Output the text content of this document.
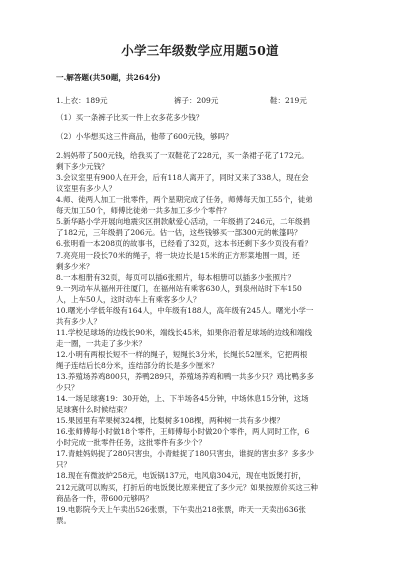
小学三年级数学应用题50道
一.解答题(共50题，共264分)
1.上衣：189元	裤子：209元	鞋：219元
（1）买一条裤子比买一件上衣多花多少钱？
（2）小华想买这三件商品，他带了600元钱，够吗？
2.妈妈带了500元钱，给我买了一双鞋花了228元，买一条裙子花了172元。
剩下多少元钱？
3.会议室里有900人在开会，后有118人离开了，同时又来了338人，现在会
议室里有多少人？
4.师、徒两人加工一批零件，两个星期完成了任务，师傅每天加工55个，徒弟
每天加工50个，师傅比徒弟一共多加工多少个零件？
5.新华路小学开展向地震灾区捐款献爱心活动，一年级捐了246元，二年级捐
了182元，三年级捐了206元。估一估，这些钱够买一部300元的帐篷吗？
6.张明看一本208页的故事书，已经看了32页，这本书还剩下多少页没有看？
7.亮亮用一段长70米的绳子，将一块边长是15米的正方形菜地围一周，还
剩多少米？
8.一本相册有32页，每页可以插6张照片，每本相册可以插多少张照片？
9.一列动车从福州开往厦门，在福州站有乘客630人，到泉州站时下车150
人，上车50人，这时动车上有乘客多少人？
10.曙光小学低年级有164人，中年级有188人，高年级有245人。曙光小学一
共有多少人？
11.学校足球场的边线长90米，端线长45米，如果你沿着足球场的边线和端线
走一圈，一共走了多少米？
12.小明有两根长短不一样的绳子，短绳长3分米，长绳长52厘米，它把两根
绳子连结后长8分米，连结部分的长是多少厘米？
13.养殖场养鸡800只，养鸭289只，养殖场养鸡和鸭一共多少只？鸡比鸭多多
少只？
14.一场足球赛19：30开始，上、下半场各45分钟，中场休息15分钟，这场
足球赛什么时候结束？
15.果园里有苹果树324棵，比梨树多108棵，两种树一共有多少棵？
16.张师傅每小时做18个零件，王师傅每小时做20个零件，两人同时工作，6
小时完成一批零件任务，这批零件有多少个？
17.青蛙妈妈捉了280只害虫，小青蛙捉了180只害虫，谁捉的害虫多？多多少
只？
18.现在有微波炉258元，电饭锅137元，电风扇304元，现在电饭煲打折，
212元就可以购买，打折后的电饭煲比原来便宜了多少元？如果按原价买这三种
商品各一件，带600元够吗？
19.电影院今天上午卖出526张票，下午卖出218张票，昨天一天卖出636张
票。
